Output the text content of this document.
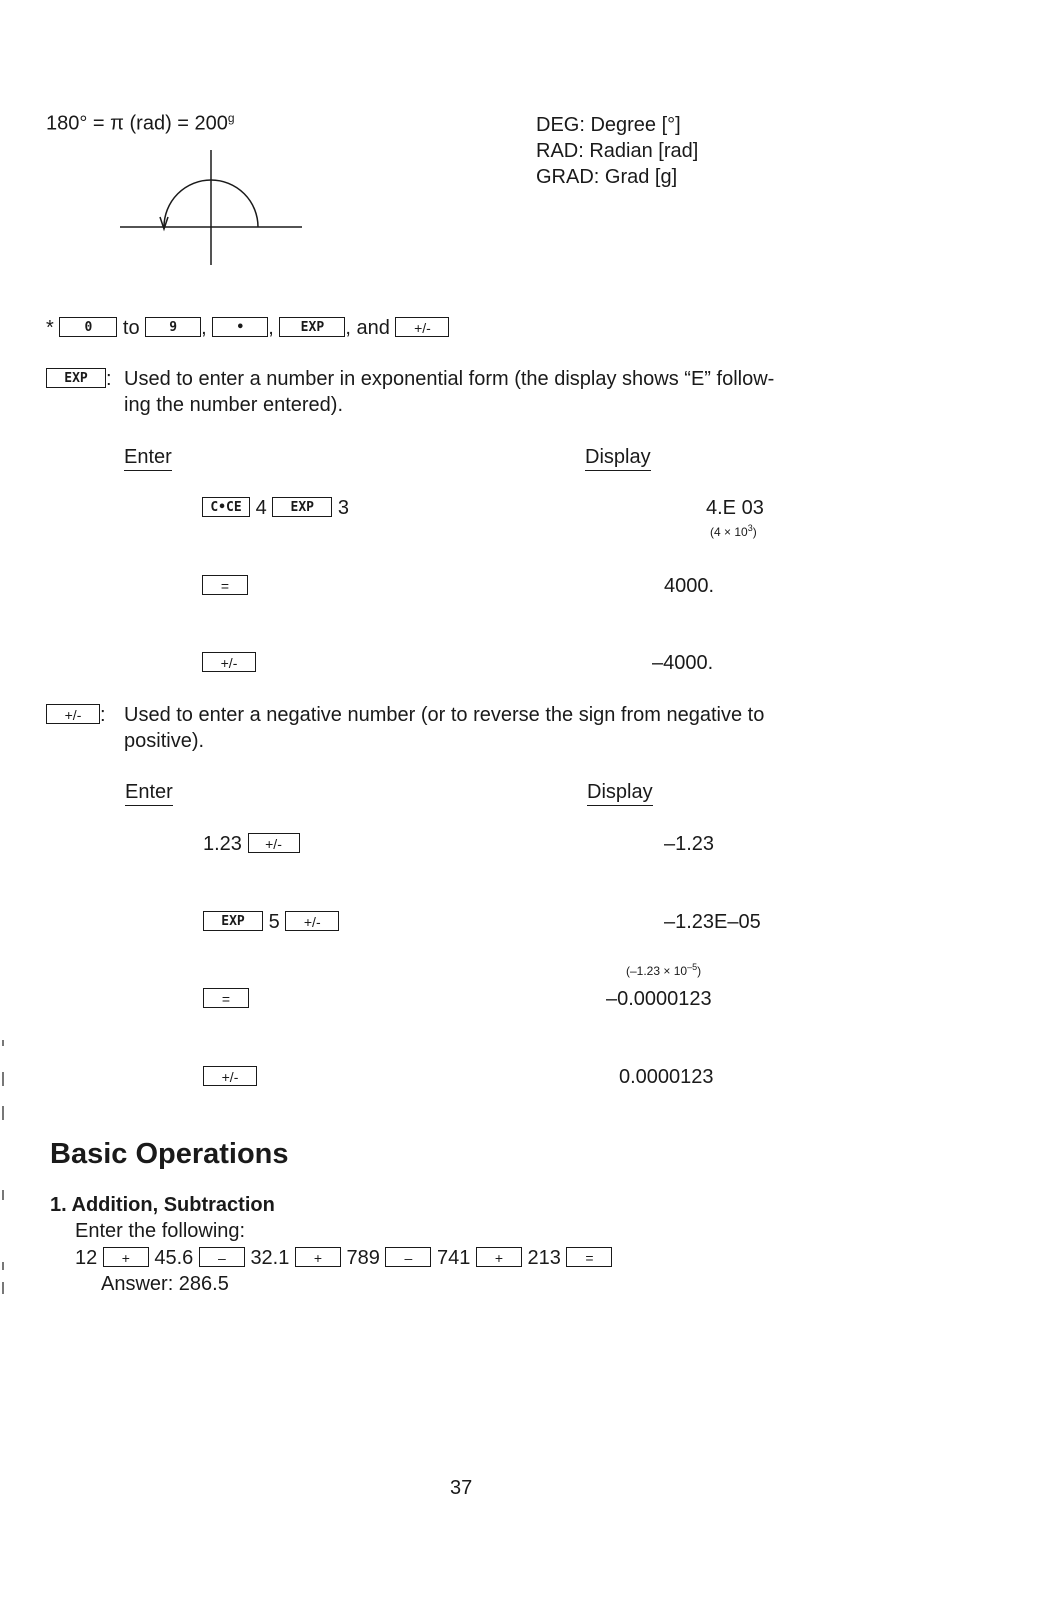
180° = π $(rad) = 200^g$	DEG: Degree [°]
RAD: Radian [rad]
GRAD: Grad [g]
* 0 to 9 , • , EXP , and +/-
EXP : Used to enter a number in exponential form (the display shows “E” follow-
ing the number entered).
Enter	Display
C•CE 4 EXP 3	4.E 03
$(4 \times 10^3)$
=	4000.
+/-	–4000.
+/- : Used to enter a negative number (or to reverse the sign from negative to
positive).
Enter	Display
1.23 +/-	–1.23
EXP 5 +/-	–1.23E–05
$(-1.23 \times 10^{-5})$
=	–0.0000123
+/-	0.0000123
Basic Operations
1. Addition, Subtraction
Enter the following:
12 + 45.6 – 32.1 + 789 – 741 + 213 =
Answer: 286.5
37
